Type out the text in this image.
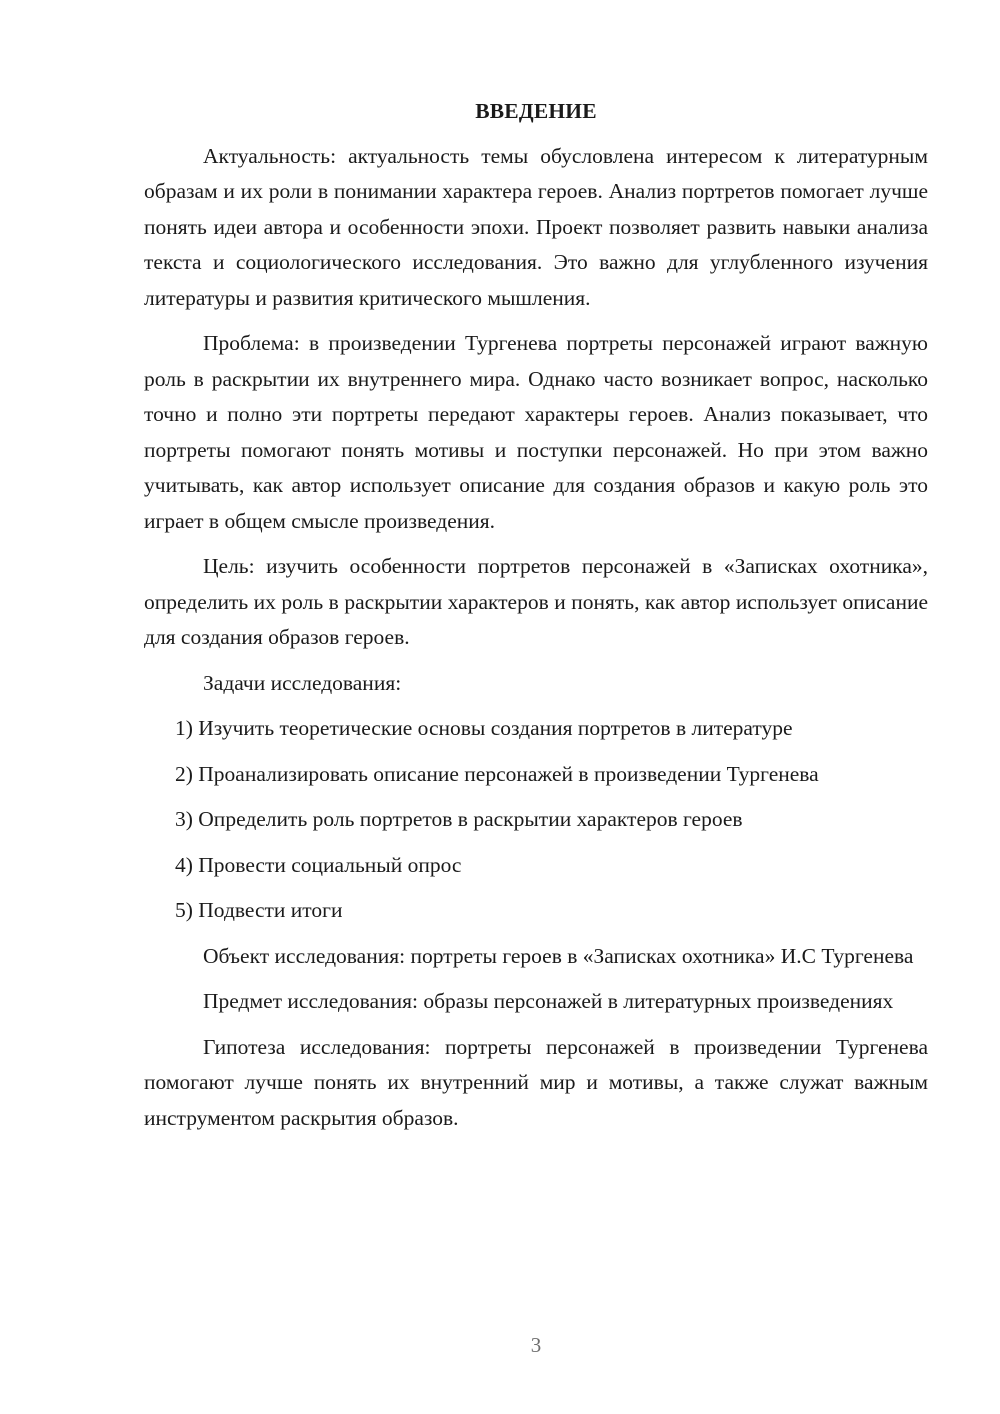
ВВЕДЕНИЕ

Актуальность: актуальность темы обусловлена интересом к литературным образам и их роли в понимании характера героев. Анализ портретов помогает лучше понять идеи автора и особенности эпохи. Проект позволяет развить навыки анализа текста и социологического исследования. Это важно для углубленного изучения литературы и развития критического мышления.

Проблема: в произведении Тургенева портреты персонажей играют важную роль в раскрытии их внутреннего мира. Однако часто возникает вопрос, насколько точно и полно эти портреты передают характеры героев. Анализ показывает, что портреты помогают понять мотивы и поступки персонажей. Но при этом важно учитывать, как автор использует описание для создания образов и какую роль это играет в общем смысле произведения.

Цель: изучить особенности портретов персонажей в «Записках охотника», определить их роль в раскрытии характеров и понять, как автор использует описание для создания образов героев.

Задачи исследования:

1) Изучить теоретические основы создания портретов в литературе
2) Проанализировать описание персонажей в произведении Тургенева
3) Определить роль портретов в раскрытии характеров героев
4) Провести социальный опрос
5) Подвести итоги

Объект исследования: портреты героев в «Записках охотника» И.С Тургенева

Предмет исследования: образы персонажей в литературных произведениях

Гипотеза исследования: портреты персонажей в произведении Тургенева помогают лучше понять их внутренний мир и мотивы, а также служат важным инструментом раскрытия образов.

3
